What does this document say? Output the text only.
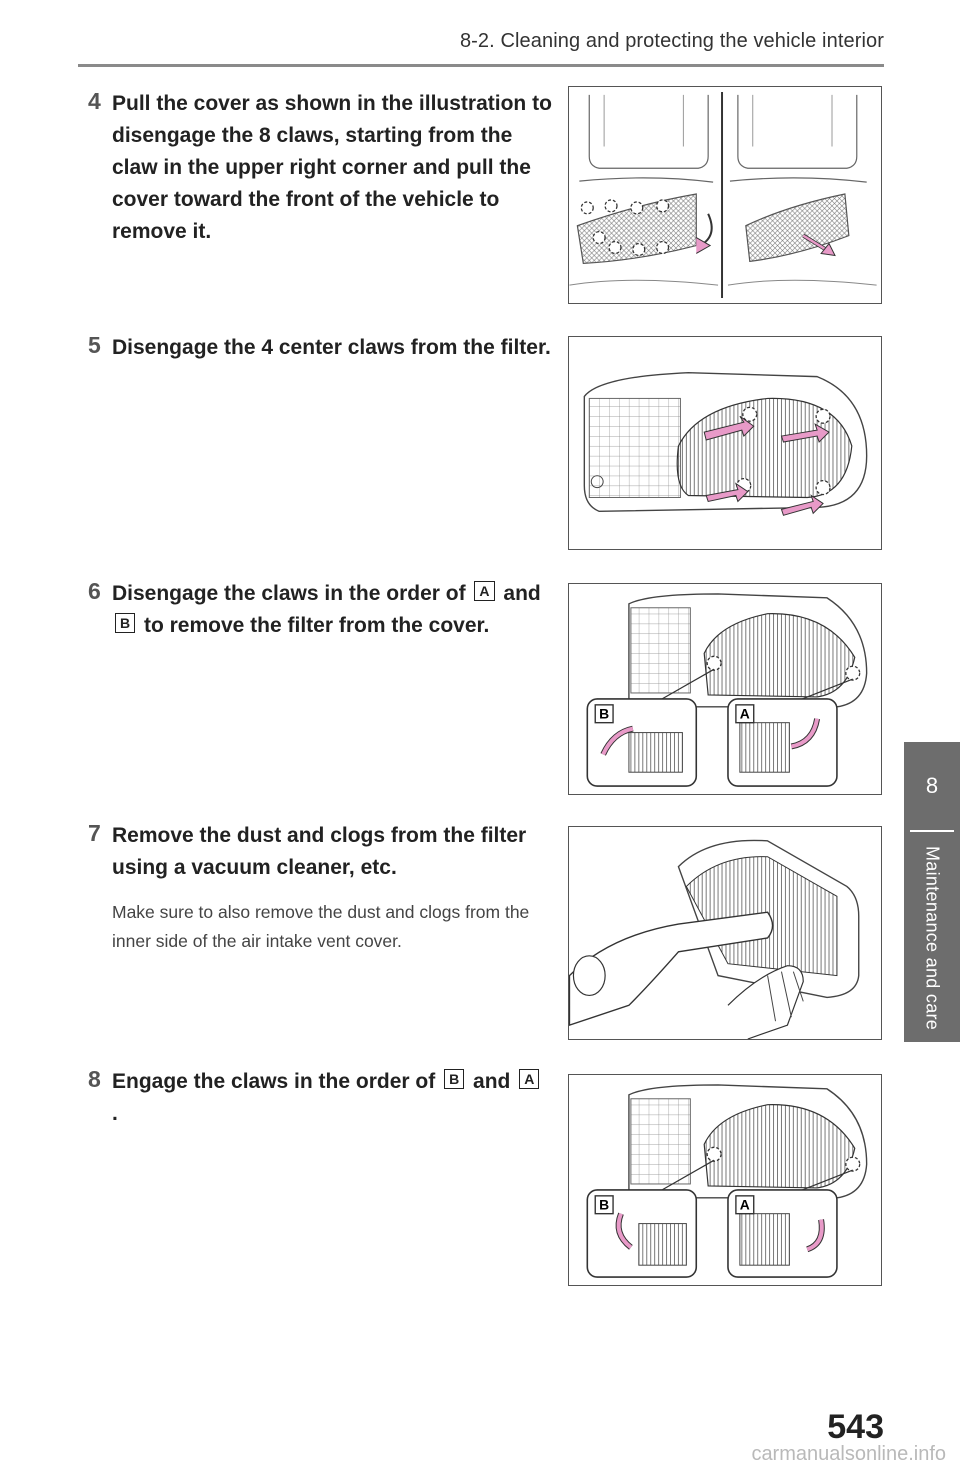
8-2. Cleaning and protecting the vehicle interior
8
Maintenance and care
4 Pull the cover as shown in the illustration to disengage the 8 claws, starting from the claw in the upper right corner and pull the cover toward the front of the vehicle to remove it.
5 Disengage the 4 center claws from the filter.
6 Disengage the claws in the order of A and B to remove the filter from the cover.
7 Remove the dust and clogs from the filter using a vacuum cleaner, etc.
Make sure to also remove the dust and clogs from the inner side of the air intake vent cover.
8 Engage the claws in the order of B and A .
B	A
B	A
543
carmanualsonline.info
